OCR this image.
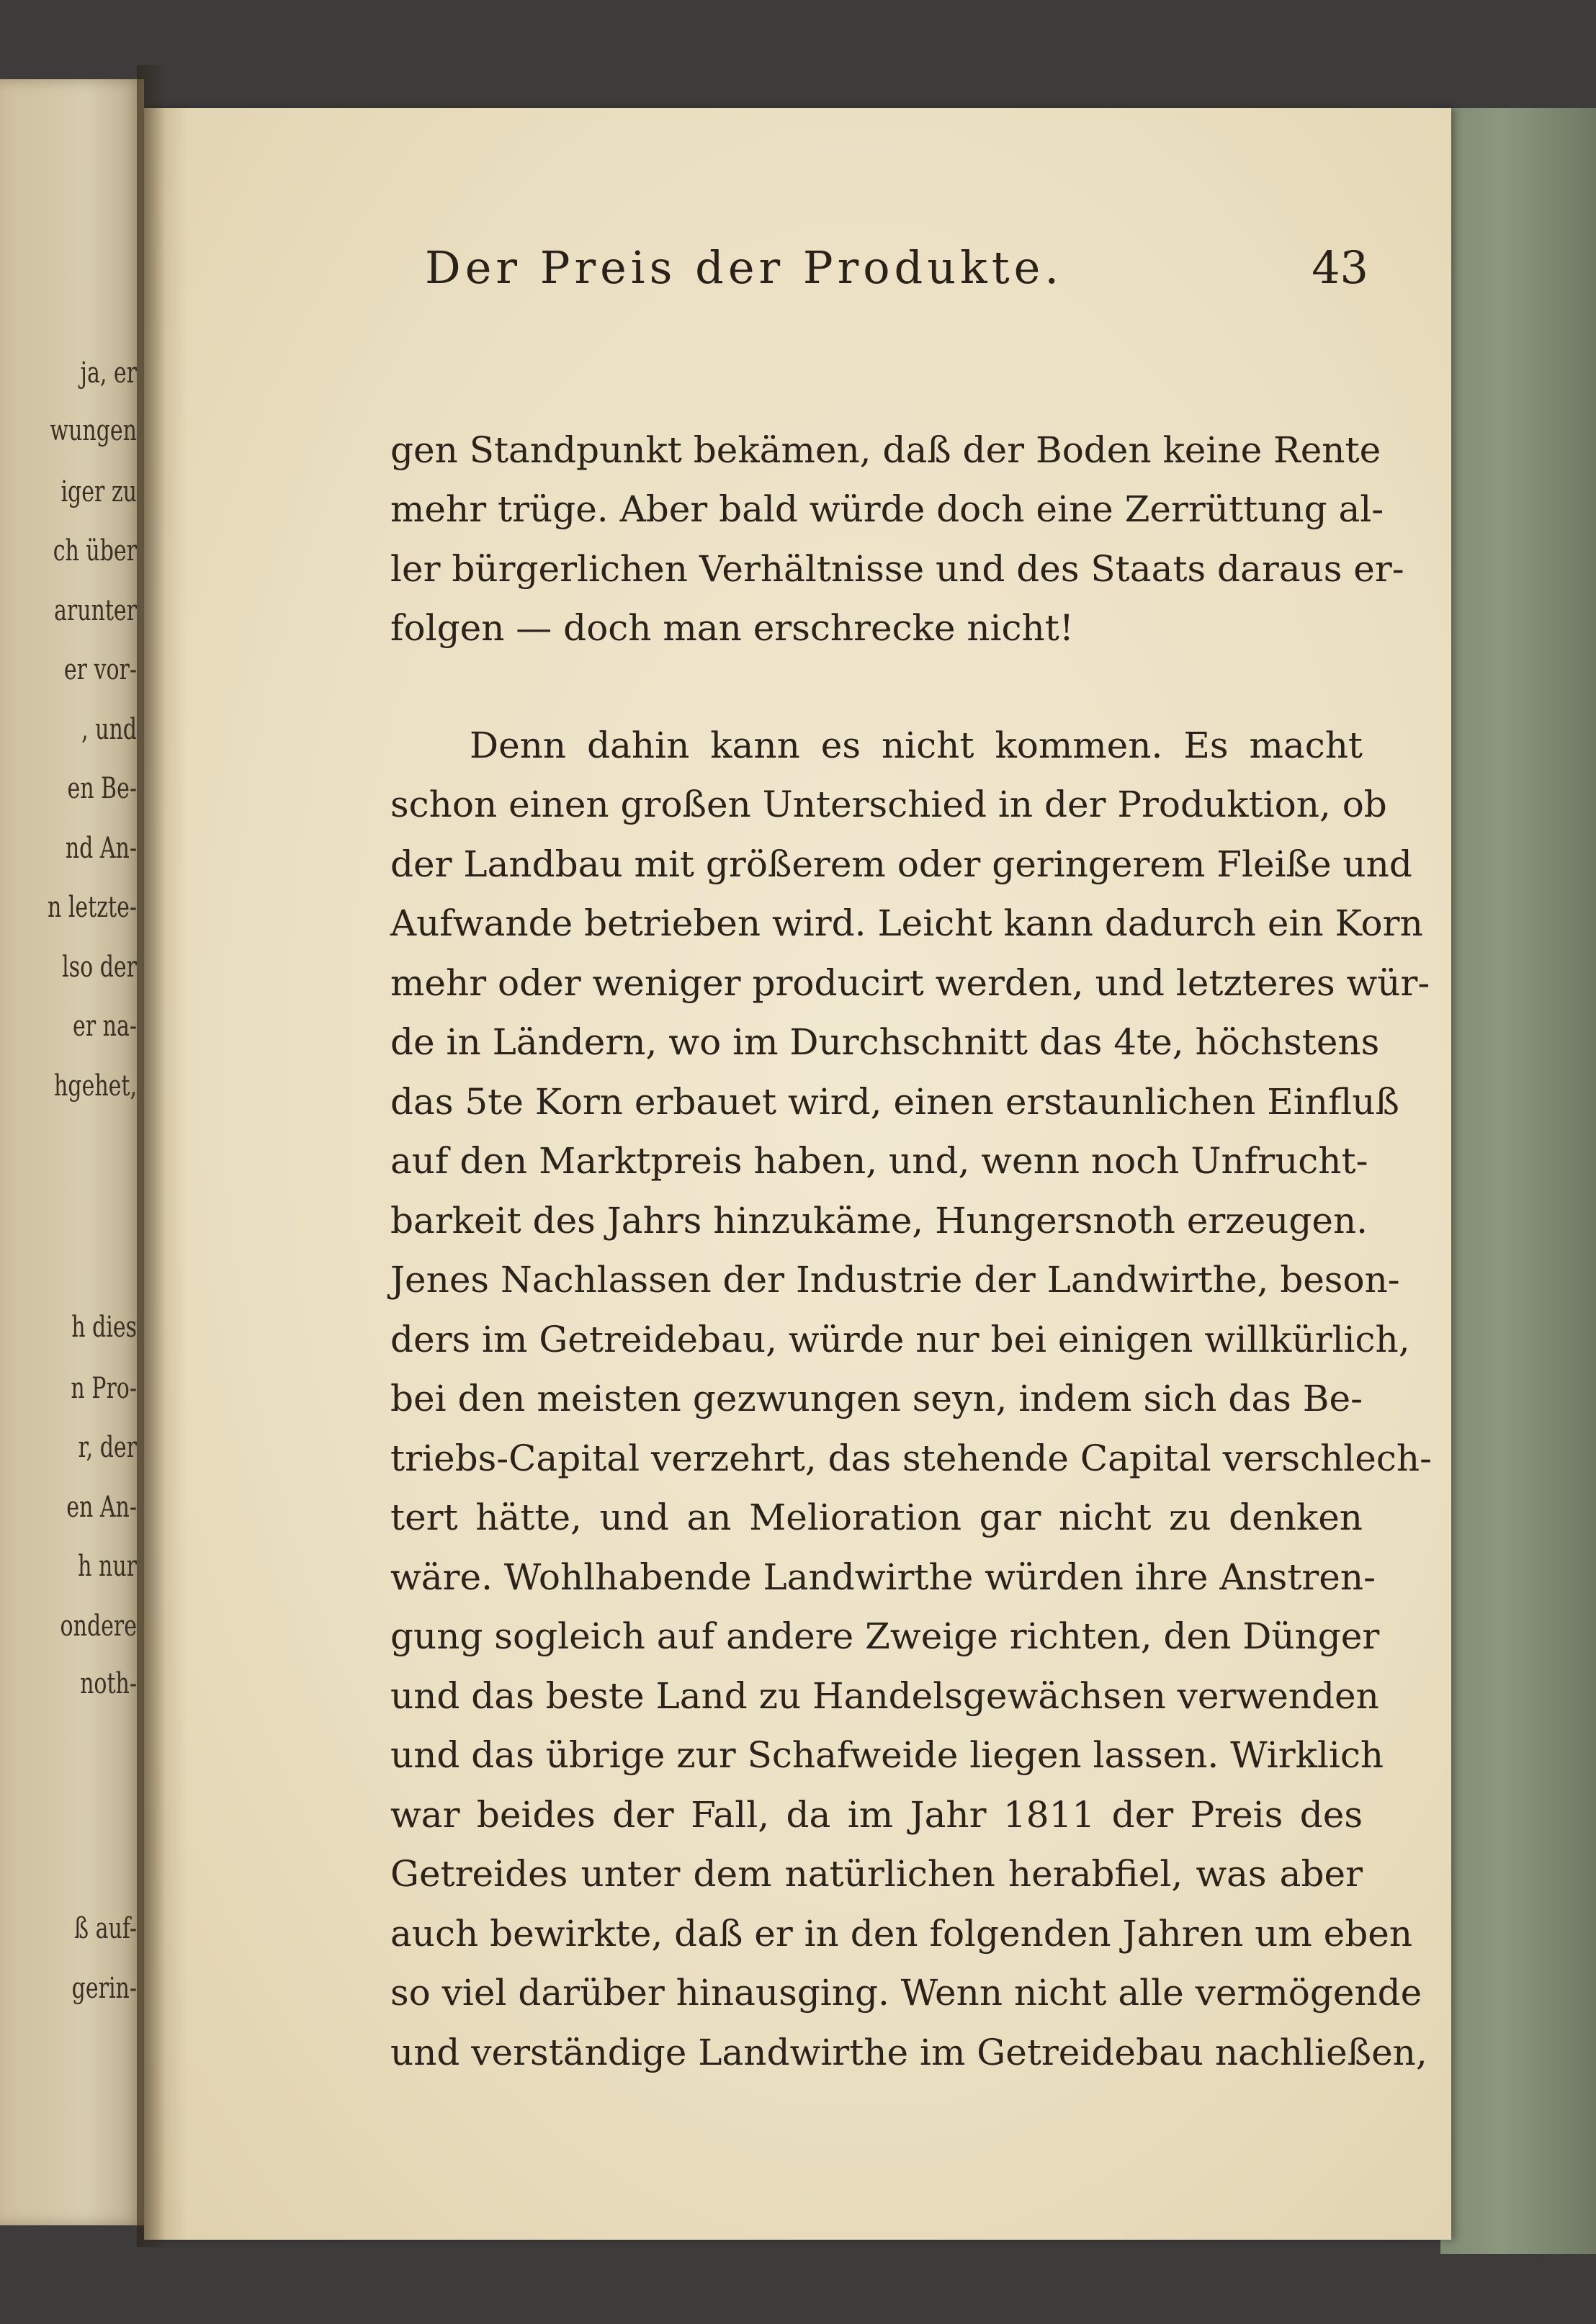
ja, er
wungen
iger zu
ch über
arunter
er vor-
, und
en Be-
nd An-
n letzte-
lso der
er na-
hgehet,
h dies
n Pro-
r, der
en An-
h nur
ondere
noth-
ß auf-
gerin-
Der Preis der Produkte.	43
gen Standpunkt bekämen, daß der Boden keine Rente
mehr trüge. Aber bald würde doch eine Zerrüttung al-
ler bürgerlichen Verhältnisse und des Staats daraus er-
folgen — doch man erschrecke nicht!
Denn dahin kann es nicht kommen. Es macht
schon einen großen Unterschied in der Produktion, ob
der Landbau mit größerem oder geringerem Fleiße und
Aufwande betrieben wird. Leicht kann dadurch ein Korn
mehr oder weniger producirt werden, und letzteres wür-
de in Ländern, wo im Durchschnitt das 4te, höchstens
das 5te Korn erbauet wird, einen erstaunlichen Einfluß
auf den Marktpreis haben, und, wenn noch Unfrucht-
barkeit des Jahrs hinzukäme, Hungersnoth erzeugen.
Jenes Nachlassen der Industrie der Landwirthe, beson-
ders im Getreidebau, würde nur bei einigen willkürlich,
bei den meisten gezwungen seyn, indem sich das Be-
triebs-Capital verzehrt, das stehende Capital verschlech-
tert hätte, und an Melioration gar nicht zu denken
wäre. Wohlhabende Landwirthe würden ihre Anstren-
gung sogleich auf andere Zweige richten, den Dünger
und das beste Land zu Handelsgewächsen verwenden
und das übrige zur Schafweide liegen lassen. Wirklich
war beides der Fall, da im Jahr 1811 der Preis des
Getreides unter dem natürlichen herabfiel, was aber
auch bewirkte, daß er in den folgenden Jahren um eben
so viel darüber hinausging. Wenn nicht alle vermögende
und verständige Landwirthe im Getreidebau nachließen,
